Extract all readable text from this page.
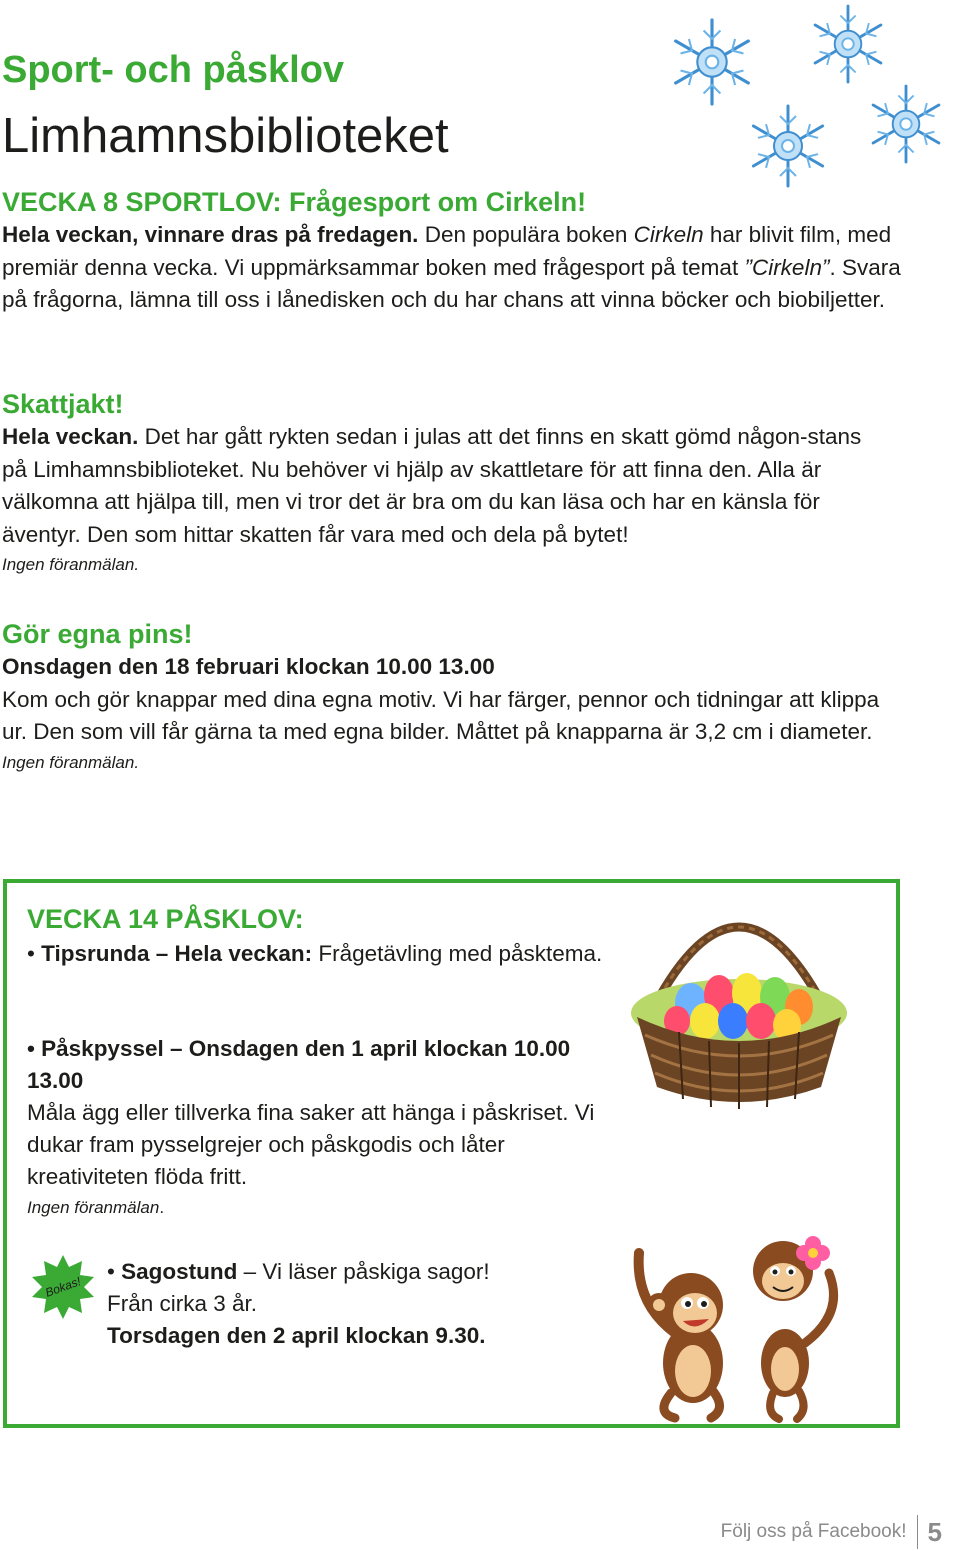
Sport- och påsklov
Limhamnsbiblioteket
VECKA 8 SPORTLOV: Frågesport om Cirkeln!
Hela veckan, vinnare dras på fredagen. Den populära boken Cirkeln har blivit film, med premiär denna vecka. Vi uppmärksammar boken med frågesport på temat ”Cirkeln”. Svara på frågorna, lämna till oss i lånedisken och du har chans att vinna böcker och biobiljetter.
Skattjakt!
Hela veckan. Det har gått rykten sedan i julas att det finns en skatt gömd någon-stans på Limhamnsbiblioteket. Nu behöver vi hjälp av skattletare för att finna den. Alla är välkomna att hjälpa till, men vi tror det är bra om du kan läsa och har en känsla för äventyr. Den som hittar skatten får vara med och dela på bytet!
Ingen föranmälan.
Gör egna pins!
Onsdagen den 18 februari klockan 10.00 13.00
Kom och gör knappar med dina egna motiv. Vi har färger, pennor och tidningar att klippa ur. Den som vill får gärna ta med egna bilder. Måttet på knapparna är 3,2 cm i diameter.
Ingen föranmälan.
VECKA 14 PÅSKLOV:
• Tipsrunda – Hela veckan: Frågetävling med påsktema.
• Påskpyssel – Onsdagen den 1 april klockan 10.00 13.00
Måla ägg eller tillverka fina saker att hänga i påskriset. Vi dukar fram pysselgrejer och påskgodis och låter kreativiteten flöda fritt.
Ingen föranmälan.
• Sagostund – Vi läser påskiga sagor!
Från cirka 3 år.
Torsdagen den 2 april klockan 9.30.
Bokas!
Följ oss på Facebook! 5
